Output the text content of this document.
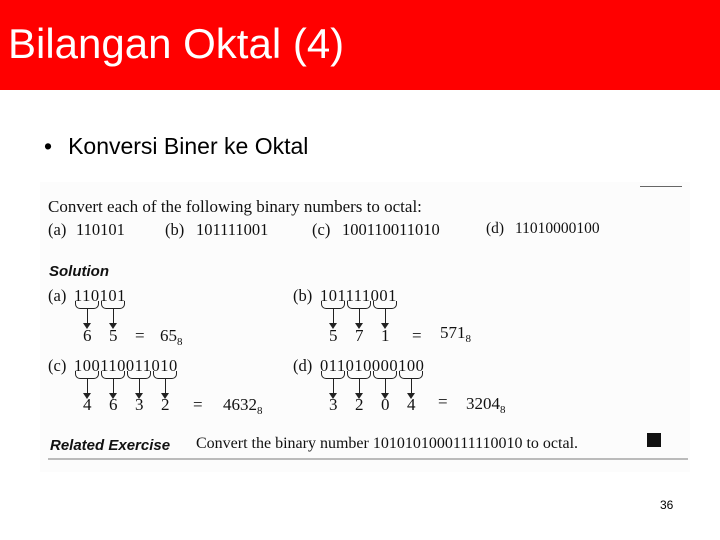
Bilangan Oktal (4)
• Konversi Biner ke Oktal
Convert each of the following binary numbers to octal:
(a) 110101 (b) 101111001	(c) 100110011010	(d) 11010000100
Solution
(a) 110101
6 $5 = 65_8$
(b) 101111001
5 7 $1 = 571_8$
(c) 100110011010
4 6 3 $2 = 4632_8$
(d) 011010000100
3 2 0 $4 = 3204_8$
Related Exercise Convert the binary number 1010101000111110010 to octal.
36
